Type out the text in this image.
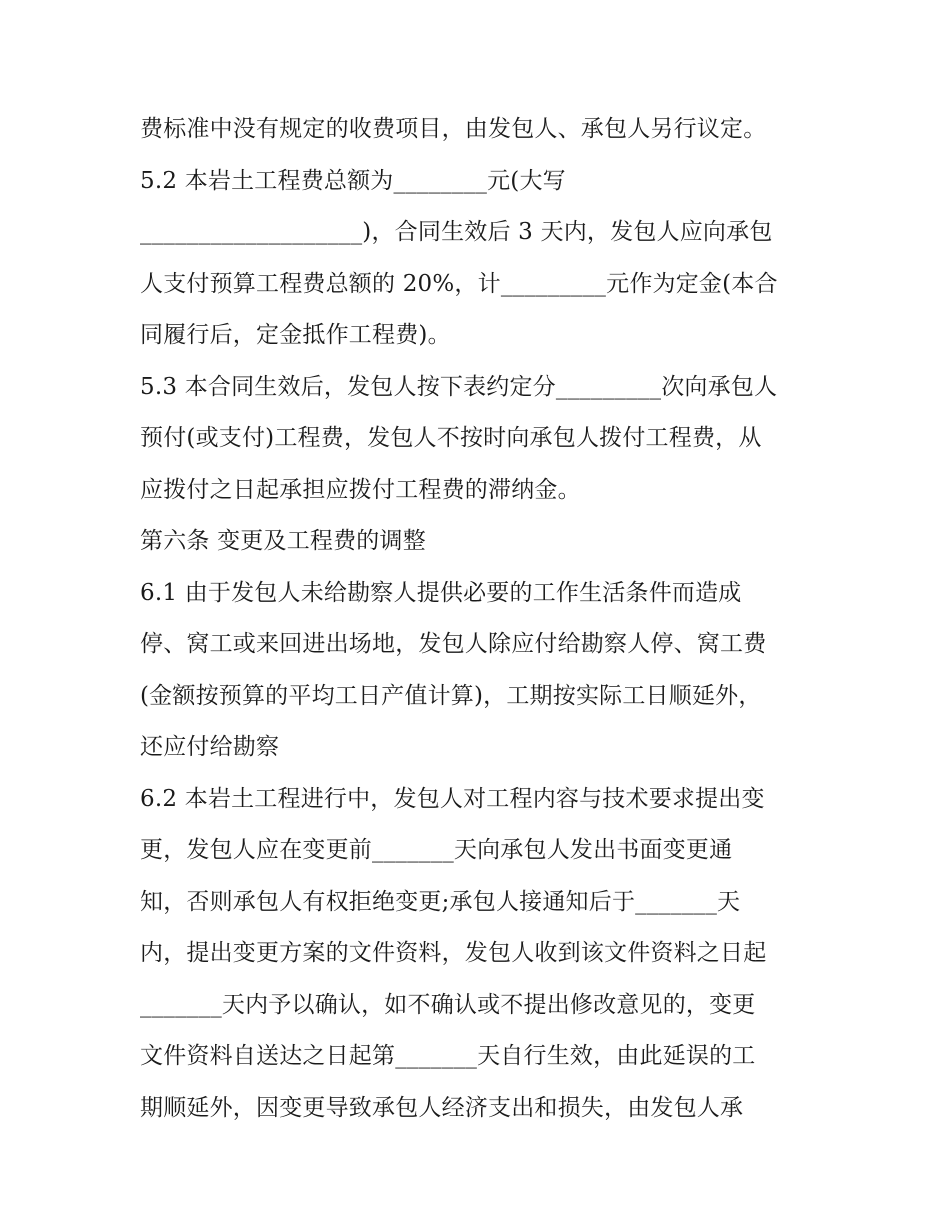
费标准中没有规定的收费项目，由发包人、承包人另行议定。
5.2 本岩土工程费总额为________元(大写
___________________)，合同生效后 3 天内，发包人应向承包
人支付预算工程费总额的 20%，计_________元作为定金(本合
同履行后，定金抵作工程费)。
5.3 本合同生效后，发包人按下表约定分_________次向承包人
预付(或支付)工程费，发包人不按时向承包人拨付工程费，从
应拨付之日起承担应拨付工程费的滞纳金。
第六条 变更及工程费的调整
6.1 由于发包人未给勘察人提供必要的工作生活条件而造成
停、窝工或来回进出场地，发包人除应付给勘察人停、窝工费
(金额按预算的平均工日产值计算)，工期按实际工日顺延外，
还应付给勘察
6.2 本岩土工程进行中，发包人对工程内容与技术要求提出变
更，发包人应在变更前_______天向承包人发出书面变更通
知，否则承包人有权拒绝变更;承包人接通知后于_______天
内，提出变更方案的文件资料，发包人收到该文件资料之日起
_______天内予以确认，如不确认或不提出修改意见的，变更
文件资料自送达之日起第_______天自行生效，由此延误的工
期顺延外，因变更导致承包人经济支出和损失，由发包人承
